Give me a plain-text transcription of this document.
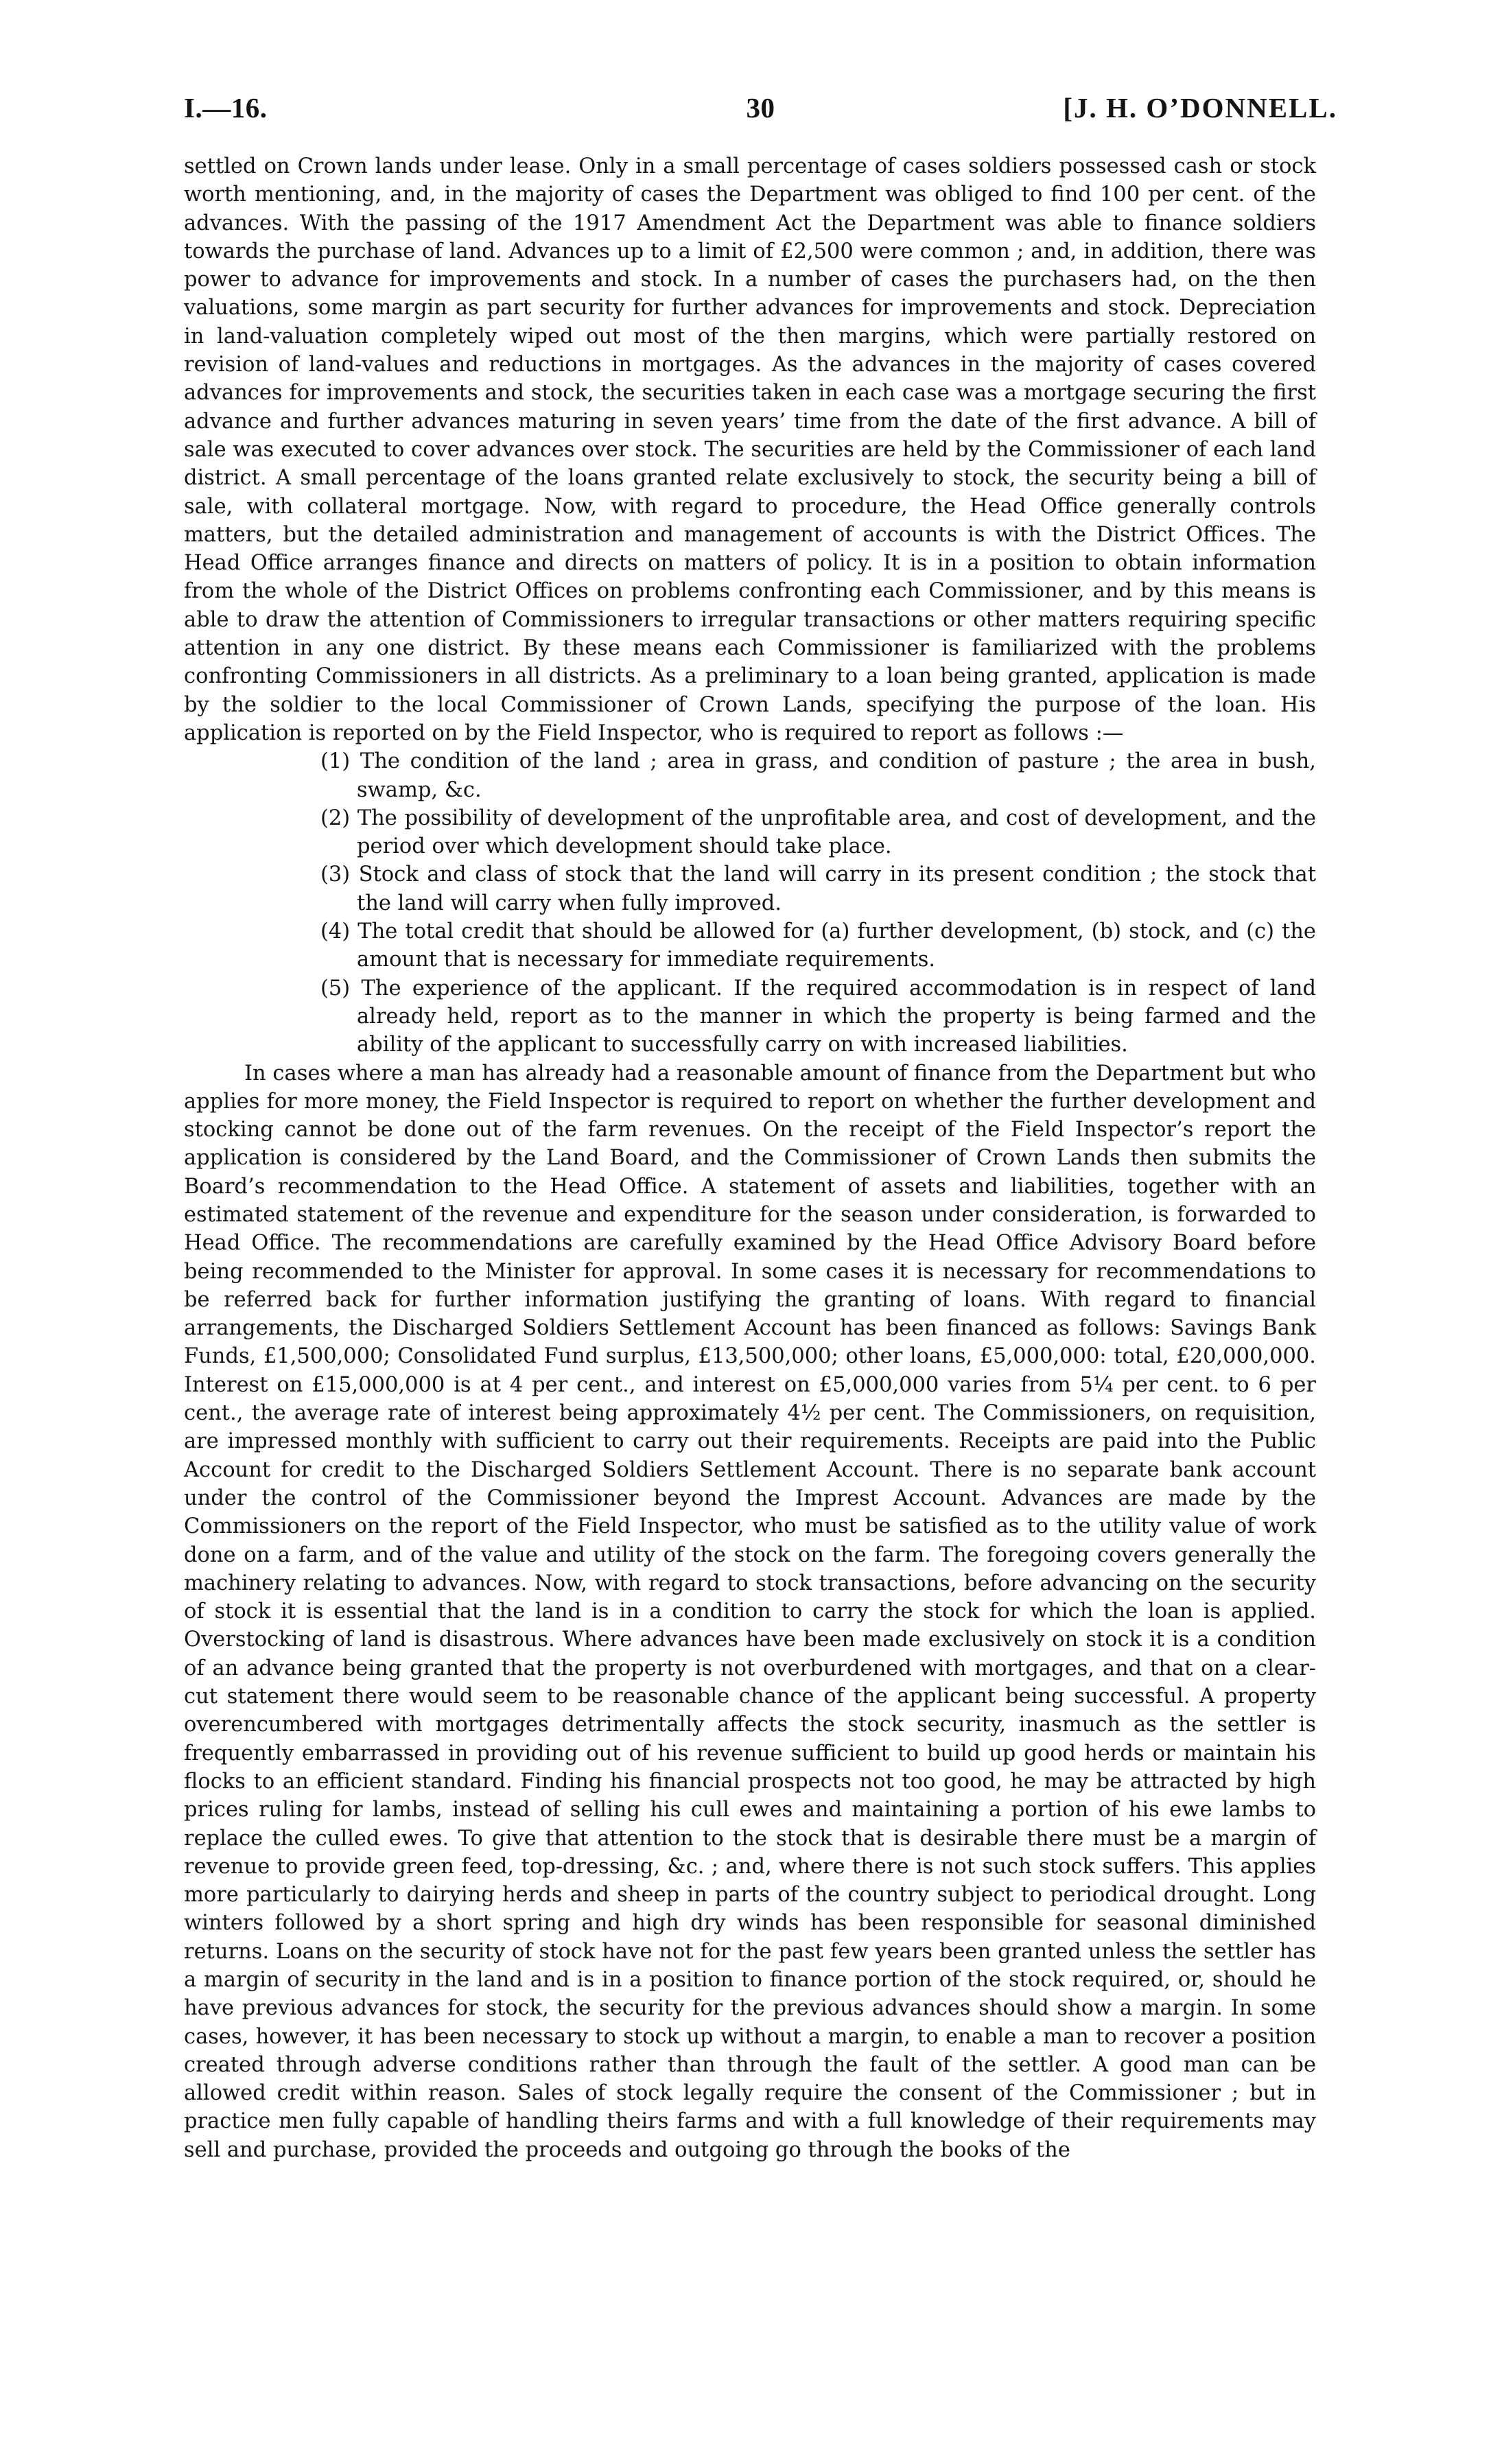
I.—16.	30	[J. H. O’DONNELL.

settled on Crown lands under lease. Only in a small percentage of cases soldiers possessed cash or stock worth mentioning, and, in the majority of cases the Department was obliged to find 100 per cent. of the advances. With the passing of the 1917 Amendment Act the Department was able to finance soldiers towards the purchase of land. Advances up to a limit of £2,500 were common ; and, in addition, there was power to advance for improvements and stock. In a number of cases the purchasers had, on the then valuations, some margin as part security for further advances for improvements and stock. Depreciation in land-valuation completely wiped out most of the then margins, which were partially restored on revision of land-values and reductions in mortgages. As the advances in the majority of cases covered advances for improvements and stock, the securities taken in each case was a mortgage securing the first advance and further advances maturing in seven years’ time from the date of the first advance. A bill of sale was executed to cover advances over stock. The securities are held by the Commissioner of each land district. A small percentage of the loans granted relate exclusively to stock, the security being a bill of sale, with collateral mortgage. Now, with regard to procedure, the Head Office generally controls matters, but the detailed administration and management of accounts is with the District Offices. The Head Office arranges finance and directs on matters of policy. It is in a position to obtain information from the whole of the District Offices on problems confronting each Commissioner, and by this means is able to draw the attention of Commissioners to irregular transactions or other matters requiring specific attention in any one district. By these means each Commissioner is familiarized with the problems confronting Commissioners in all districts. As a preliminary to a loan being granted, application is made by the soldier to the local Commissioner of Crown Lands, specifying the purpose of the loan. His application is reported on by the Field Inspector, who is required to report as follows :—

(1) The condition of the land ; area in grass, and condition of pasture ; the area in bush, swamp, &c.
(2) The possibility of development of the unprofitable area, and cost of development, and the period over which development should take place.
(3) Stock and class of stock that the land will carry in its present condition ; the stock that the land will carry when fully improved.
(4) The total credit that should be allowed for (a) further development, (b) stock, and (c) the amount that is necessary for immediate requirements.
(5) The experience of the applicant. If the required accommodation is in respect of land already held, report as to the manner in which the property is being farmed and the ability of the applicant to successfully carry on with increased liabilities.

In cases where a man has already had a reasonable amount of finance from the Department but who applies for more money, the Field Inspector is required to report on whether the further development and stocking cannot be done out of the farm revenues. On the receipt of the Field Inspector’s report the application is considered by the Land Board, and the Commissioner of Crown Lands then submits the Board’s recommendation to the Head Office. A statement of assets and liabilities, together with an estimated statement of the revenue and expenditure for the season under consideration, is forwarded to Head Office. The recommendations are carefully examined by the Head Office Advisory Board before being recommended to the Minister for approval. In some cases it is necessary for recommendations to be referred back for further information justifying the granting of loans. With regard to financial arrangements, the Discharged Soldiers Settlement Account has been financed as follows: Savings Bank Funds, £1,500,000; Consolidated Fund surplus, £13,500,000; other loans, £5,000,000: total, £20,000,000. Interest on £15,000,000 is at 4 per cent., and interest on £5,000,000 varies from 5¼ per cent. to 6 per cent., the average rate of interest being approximately 4½ per cent. The Commissioners, on requisition, are impressed monthly with sufficient to carry out their requirements. Receipts are paid into the Public Account for credit to the Discharged Soldiers Settlement Account. There is no separate bank account under the control of the Commissioner beyond the Imprest Account. Advances are made by the Commissioners on the report of the Field Inspector, who must be satisfied as to the utility value of work done on a farm, and of the value and utility of the stock on the farm. The foregoing covers generally the machinery relating to advances. Now, with regard to stock transactions, before advancing on the security of stock it is essential that the land is in a condition to carry the stock for which the loan is applied. Overstocking of land is disastrous. Where advances have been made exclusively on stock it is a condition of an advance being granted that the property is not overburdened with mortgages, and that on a clear-cut statement there would seem to be reasonable chance of the applicant being successful. A property overencumbered with mortgages detrimentally affects the stock security, inasmuch as the settler is frequently embarrassed in providing out of his revenue sufficient to build up good herds or maintain his flocks to an efficient standard. Finding his financial prospects not too good, he may be attracted by high prices ruling for lambs, instead of selling his cull ewes and maintaining a portion of his ewe lambs to replace the culled ewes. To give that attention to the stock that is desirable there must be a margin of revenue to provide green feed, top-dressing, &c. ; and, where there is not such stock suffers. This applies more particularly to dairying herds and sheep in parts of the country subject to periodical drought. Long winters followed by a short spring and high dry winds has been responsible for seasonal diminished returns. Loans on the security of stock have not for the past few years been granted unless the settler has a margin of security in the land and is in a position to finance portion of the stock required, or, should he have previous advances for stock, the security for the previous advances should show a margin. In some cases, however, it has been necessary to stock up without a margin, to enable a man to recover a position created through adverse conditions rather than through the fault of the settler. A good man can be allowed credit within reason. Sales of stock legally require the consent of the Commissioner ; but in practice men fully capable of handling theirs farms and with a full knowledge of their requirements may sell and purchase, provided the proceeds and outgoing go through the books of the
